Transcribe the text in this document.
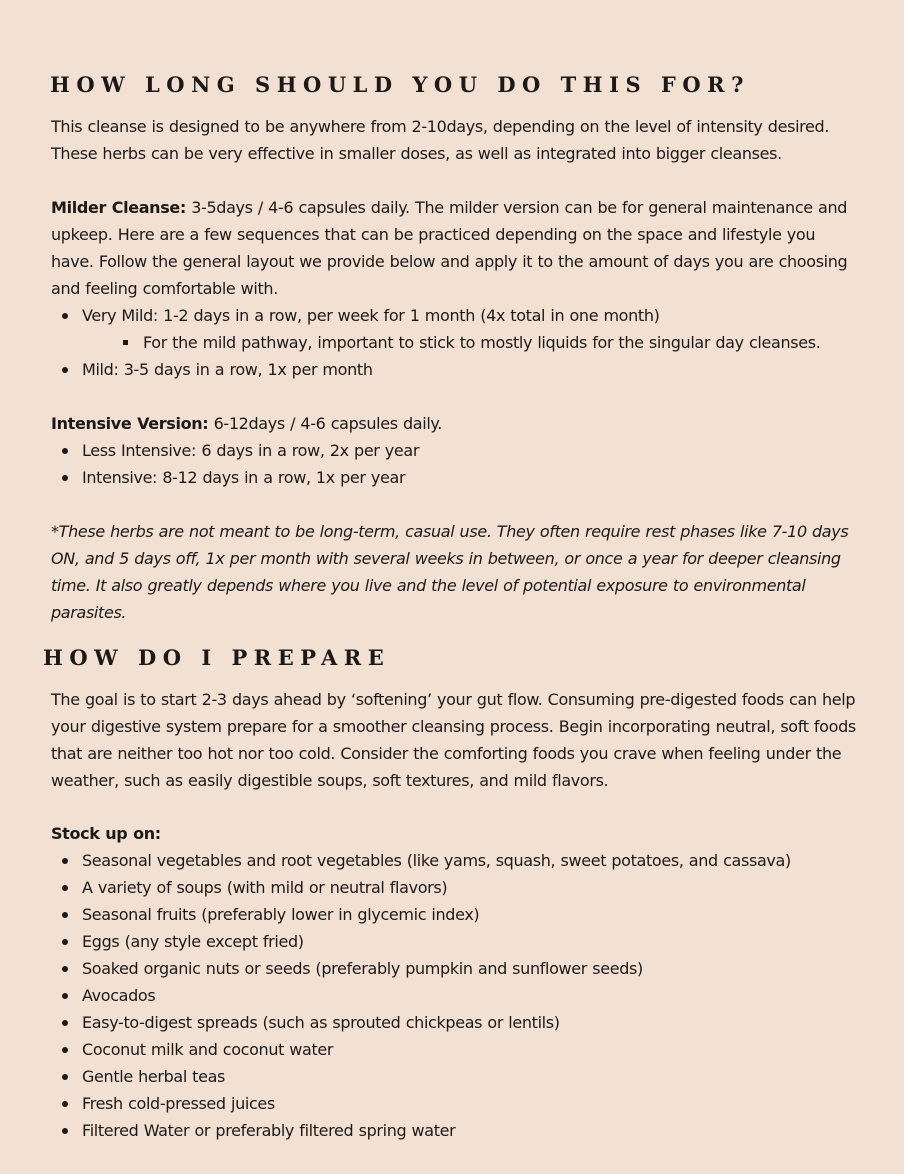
HOW LONG SHOULD YOU DO THIS FOR?

This cleanse is designed to be anywhere from 2-10days, depending on the level of intensity desired. These herbs can be very effective in smaller doses, as well as integrated into bigger cleanses.

Milder Cleanse: 3-5days / 4-6 capsules daily. The milder version can be for general maintenance and upkeep. Here are a few sequences that can be practiced depending on the space and lifestyle you have. Follow the general layout we provide below and apply it to the amount of days you are choosing and feeling comfortable with.

Very Mild: 1-2 days in a row, per week for 1 month (4x total in one month)
For the mild pathway, important to stick to mostly liquids for the singular day cleanses.
Mild: 3-5 days in a row, 1x per month

Intensive Version: 6-12days / 4-6 capsules daily.

Less Intensive: 6 days in a row, 2x per year
Intensive: 8-12 days in a row, 1x per year

*These herbs are not meant to be long-term, casual use. They often require rest phases like 7-10 days ON, and 5 days off, 1x per month with several weeks in between, or once a year for deeper cleansing time. It also greatly depends where you live and the level of potential exposure to environmental parasites.

HOW DO I PREPARE

The goal is to start 2-3 days ahead by ‘softening’ your gut flow. Consuming pre-digested foods can help your digestive system prepare for a smoother cleansing process. Begin incorporating neutral, soft foods that are neither too hot nor too cold. Consider the comforting foods you crave when feeling under the weather, such as easily digestible soups, soft textures, and mild flavors.

Stock up on:

Seasonal vegetables and root vegetables (like yams, squash, sweet potatoes, and cassava)
A variety of soups (with mild or neutral flavors)
Seasonal fruits (preferably lower in glycemic index)
Eggs (any style except fried)
Soaked organic nuts or seeds (preferably pumpkin and sunflower seeds)
Avocados
Easy-to-digest spreads (such as sprouted chickpeas or lentils)
Coconut milk and coconut water
Gentle herbal teas
Fresh cold-pressed juices
Filtered Water or preferably filtered spring water
